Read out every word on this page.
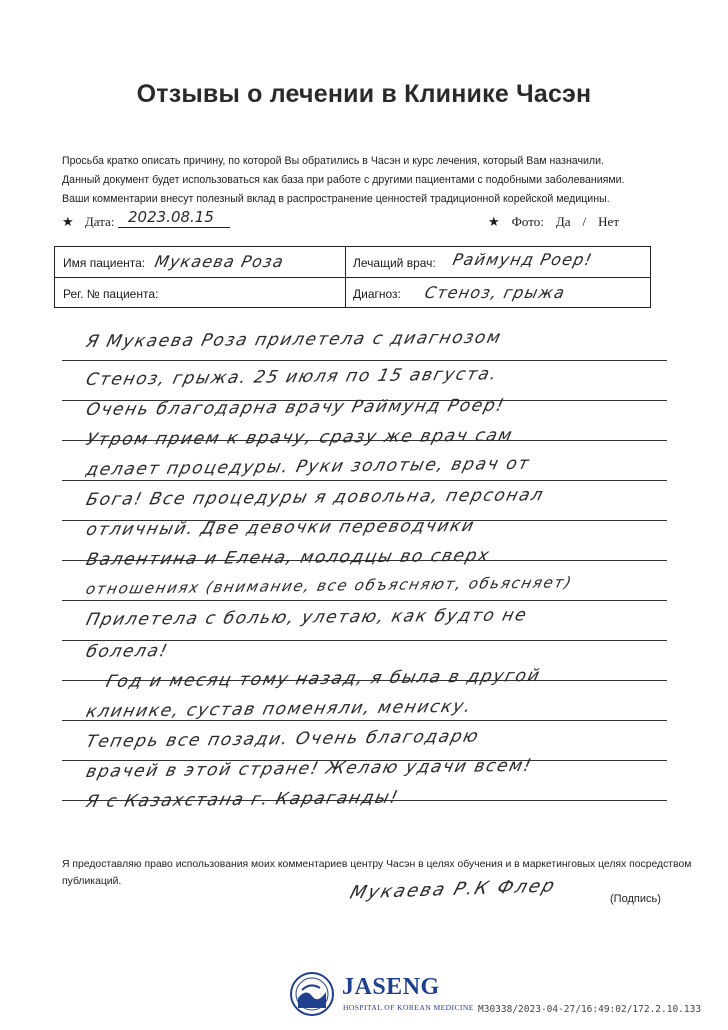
Отзывы о лечении в Клинике Часэн
Просьба кратко описать причину, по которой Вы обратились в Часэн и курс лечения, который Вам назначили.
Данный документ будет использоваться как база при работе с другими пациентами с подобными заболеваниями.
Ваши комментарии внесут полезный вклад в распространение ценностей традиционной корейской медицины.
★ Дата: 2023.08.15	★ Фото: Да / Нет
Имя пациента: Мукаева Роза	Лечащий врач: Раймунд Роер!
Рег. № пациента:	Диагноз: Стеноз, грыжа
Я Мукаева Роза прилетела с диагнозом
Стеноз, грыжа. 25 июля по 15 августа.
Очень благодарна врачу Раймунд Роер!
Утром прием к врачу, сразу же врач сам
делает процедуры. Руки золотые, врач от
Бога! Все процедуры я довольна, персонал
отличный. Две девочки переводчики
Валентина и Елена, молодцы во сверх
отношениях (внимание, все объясняют, обьясняет)
Прилетела с болью, улетаю, как будто не
болела!
Год и месяц тому назад, я была в другой
клинике, сустав поменяли, мениску.
Теперь все позади. Очень благодарю
врачей в этой стране! Желаю удачи всем!
Я с Казахстана г. Караганды!
Я предоставляю право использования моих комментариев центру Часэн в целях обучения и в маркетинговых целях посредством публикаций.	Мукаева Р.К Флер	(Подпись)
JASENG
HOSPITAL OF KOREAN MEDICINE M30338/2023-04-27/16:49:02/172.2.10.133
